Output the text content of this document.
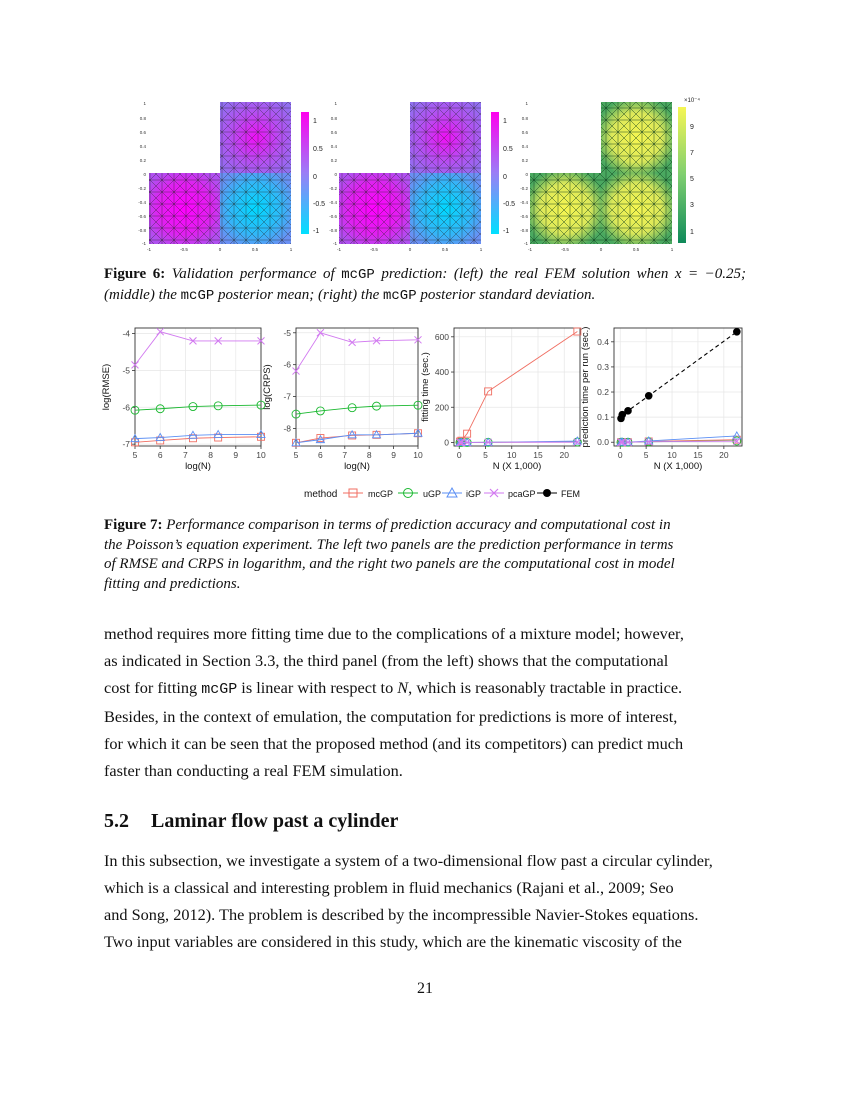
1
0.8
0.6
0.4
0.2
0
-0.2
-0.4
-0.6
-0.8
-1
-1	-0.5	0	0.5	1
1
0.5
0
-0.5
-1
1
0.8
0.6
0.4
0.2
0
-0.2
-0.4
-0.6
-0.8
-1
-1	-0.5	0	0.5	1
1
0.5
0
-0.5
-1
1
0.8
0.6
0.4
0.2
0
-0.2
-0.4
-0.6
-0.8
-1
-1	-0.5	0	0.5	1
×10⁻⁴
9
7
5
3
1
Figure 6: Validation performance of mcGP prediction: (left) the real FEM solution when x = −0.25; (middle) the mcGP posterior mean; (right) the mcGP posterior standard deviation.
5 6 7 8 9 10
-4
-5
-6
-7
log(N)
log(RMSE)
5 6 7 8 9 10
-5
-6
-7
-8
log(N)
log(CRPS)
0	5 10 15 20
0
200
400
600
N (X 1,000)
fitting time (sec.)
0 5 10 15 20
0.0
0.1
0.2
0.3
0.4
N (X 1,000)
prediction time per run (sec.)
method	mcGP	uGP	iGP	pcaGP	FEM
Figure 7: Performance comparison in terms of prediction accuracy and computational cost in
the Poisson’s equation experiment. The left two panels are the prediction performance in terms
of RMSE and CRPS in logarithm, and the right two panels are the computational cost in model
fitting and predictions.
method requires more fitting time due to the complications of a mixture model; however,
as indicated in Section 3.3, the third panel (from the left) shows that the computational
cost for fitting mcGP is linear with respect to N, which is reasonably tractable in practice.
Besides, in the context of emulation, the computation for predictions is more of interest,
for which it can be seen that the proposed method (and its competitors) can predict much
faster than conducting a real FEM simulation.
5.2 Laminar flow past a cylinder
In this subsection, we investigate a system of a two-dimensional flow past a circular cylinder,
which is a classical and interesting problem in fluid mechanics (Rajani et al., 2009; Seo
and Song, 2012). The problem is described by the incompressible Navier-Stokes equations.
Two input variables are considered in this study, which are the kinematic viscosity of the
21
